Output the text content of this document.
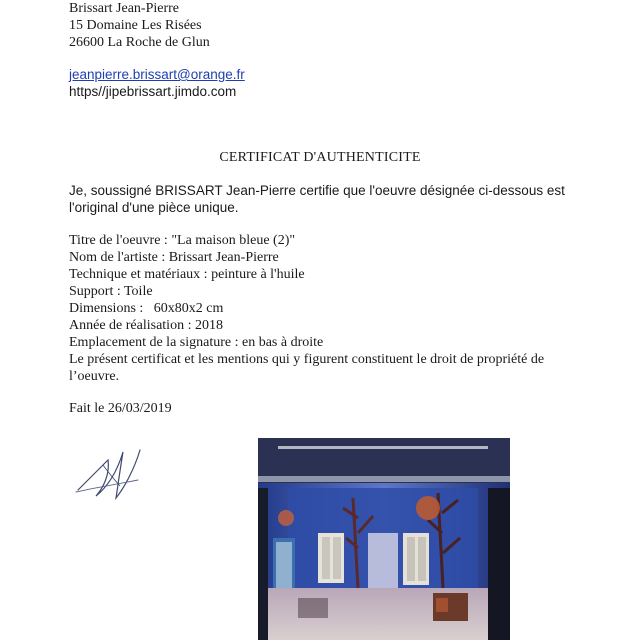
Brissart Jean-Pierre
15 Domaine Les Risées
26600 La Roche de Glun
jeanpierre.brissart@orange.fr
https//jipebrissart.jimdo.com
CERTIFICAT D'AUTHENTICITE
Je, soussigné BRISSART Jean-Pierre certifie que l'oeuvre désignée ci-dessous est
l'original d'une pièce unique.
Titre de l'oeuvre : "La maison bleue (2)"
Nom de l'artiste : Brissart Jean-Pierre
Technique et matériaux : peinture à l'huile
Support : Toile
Dimensions :   60x80x2 cm
Année de réalisation : 2018
Emplacement de la signature : en bas à droite
Le présent certificat et les mentions qui y figurent constituent le droit de propriété de
l’oeuvre.
Fait le 26/03/2019
